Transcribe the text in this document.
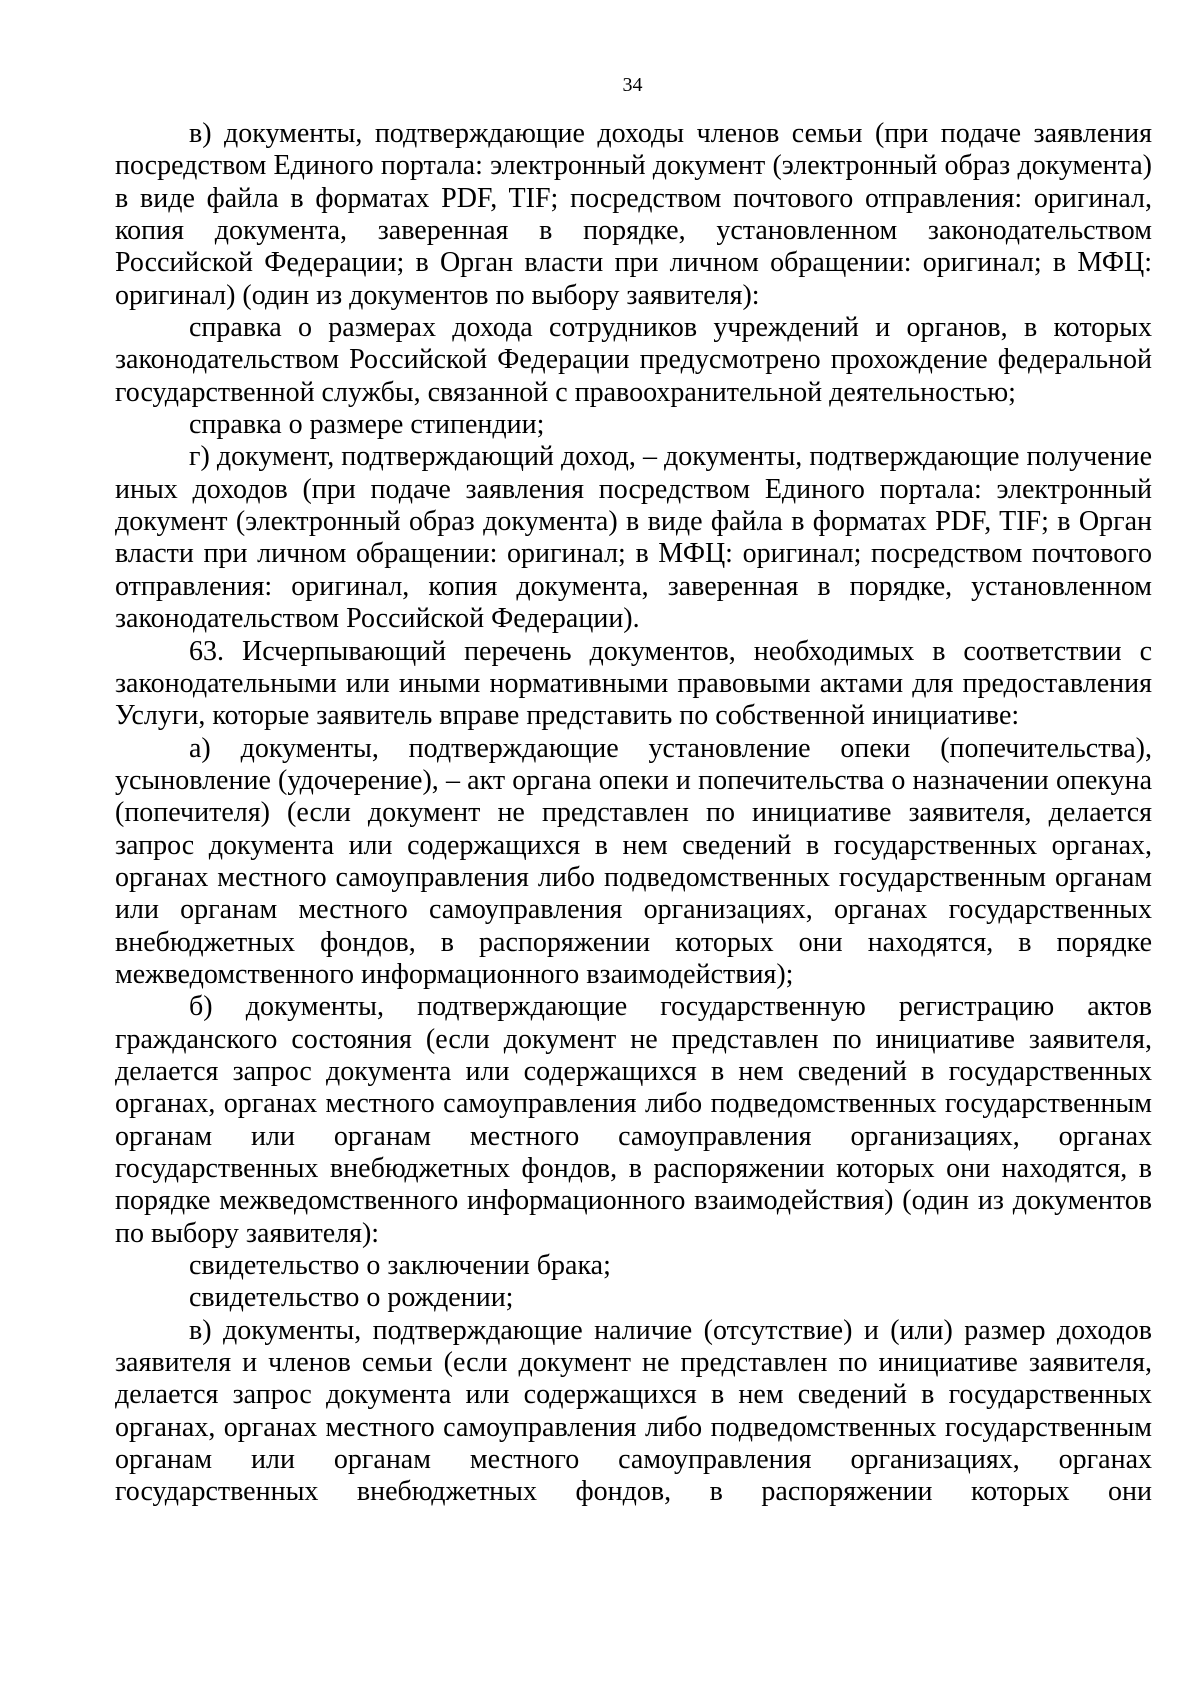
34

в) документы, подтверждающие доходы членов семьи (при подаче заявления посредством Единого портала: электронный документ (электронный образ документа) в виде файла в форматах PDF, TIF; посредством почтового отправления: оригинал, копия документа, заверенная в порядке, установленном законодательством Российской Федерации; в Орган власти при личном обращении: оригинал; в МФЦ: оригинал) (один из документов по выбору заявителя):

справка о размерах дохода сотрудников учреждений и органов, в которых законодательством Российской Федерации предусмотрено прохождение федеральной государственной службы, связанной с правоохранительной деятельностью;

справка о размере стипендии;

г) документ, подтверждающий доход, – документы, подтверждающие получение иных доходов (при подаче заявления посредством Единого портала: электронный документ (электронный образ документа) в виде файла в форматах PDF, TIF; в Орган власти при личном обращении: оригинал; в МФЦ: оригинал; посредством почтового отправления: оригинал, копия документа, заверенная в порядке, установленном законодательством Российской Федерации).

63. Исчерпывающий перечень документов, необходимых в соответствии с законодательными или иными нормативными правовыми актами для предоставления Услуги, которые заявитель вправе представить по собственной инициативе:

а) документы, подтверждающие установление опеки (попечительства), усыновление (удочерение), – акт органа опеки и попечительства о назначении опекуна (попечителя) (если документ не представлен по инициативе заявителя, делается запрос документа или содержащихся в нем сведений в государственных органах, органах местного самоуправления либо подведомственных государственным органам или органам местного самоуправления организациях, органах государственных внебюджетных фондов, в распоряжении которых они находятся, в порядке межведомственного информационного взаимодействия);

б) документы, подтверждающие государственную регистрацию актов гражданского состояния (если документ не представлен по инициативе заявителя, делается запрос документа или содержащихся в нем сведений в государственных органах, органах местного самоуправления либо подведомственных государственным органам или органам местного самоуправления организациях, органах государственных внебюджетных фондов, в распоряжении которых они находятся, в порядке межведомственного информационного взаимодействия) (один из документов по выбору заявителя):

свидетельство о заключении брака;

свидетельство о рождении;

в) документы, подтверждающие наличие (отсутствие) и (или) размер доходов заявителя и членов семьи (если документ не представлен по инициативе заявителя, делается запрос документа или содержащихся в нем сведений в государственных органах, органах местного самоуправления либо подведомственных государственным органам или органам местного самоуправления организациях, органах государственных внебюджетных фондов, в распоряжении которых они
